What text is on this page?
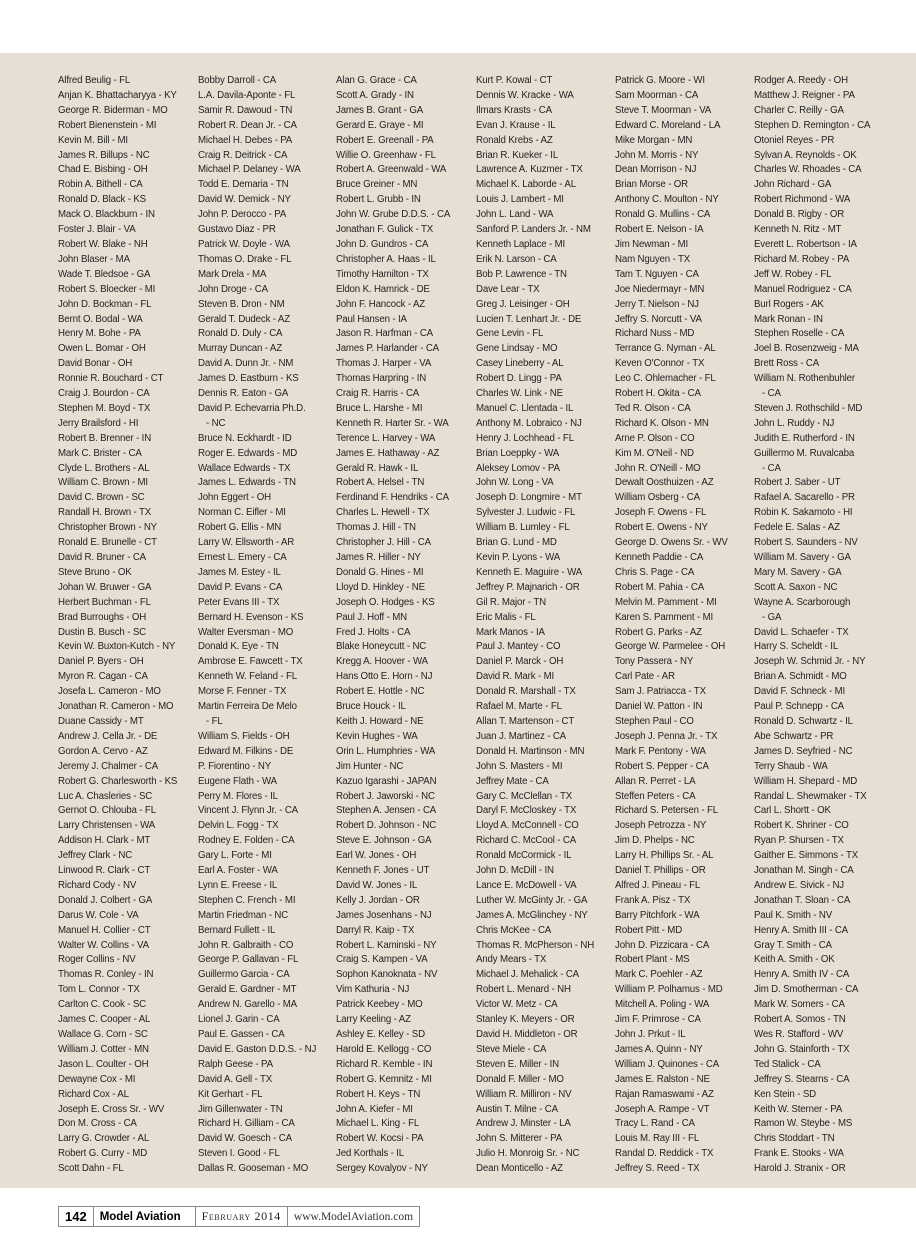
Alfred Beulig - FL
Anjan K. Bhattacharyya - KY
George R. Biderman - MO
Robert Bienenstein - MI
Kevin M. Bill - MI
James R. Billups - NC
Chad E. Bisbing - OH
Robin A. Bithell - CA
Ronald D. Black - KS
Mack O. Blackburn - IN
Foster J. Blair - VA
Robert W. Blake - NH
John Blaser - MA
Wade T. Bledsoe - GA
Robert S. Bloecker - MI
John D. Bockman - FL
Bernt O. Bodal - WA
Henry M. Bohe - PA
Owen L. Bomar - OH
David Bonar - OH
Ronnie R. Bouchard - CT
Craig J. Bourdon - CA
Stephen M. Boyd - TX
Jerry Brailsford - HI
Robert B. Brenner - IN
Mark C. Brister - CA
Clyde L. Brothers - AL
William C. Brown - MI
David C. Brown - SC
Randall H. Brown - TX
Christopher Brown - NY
Ronald E. Brunelle - CT
David R. Bruner - CA
Steve Bruno - OK
Johan W. Bruwer - GA
Herbert Buchman - FL
Brad Burroughs - OH
Dustin B. Busch - SC
Kevin W. Buxton-Kutch - NY
Daniel P. Byers - OH
Myron R. Cagan - CA
Josefa L. Cameron - MO
Jonathan R. Cameron - MO
Duane Cassidy - MT
Andrew J. Cella Jr. - DE
Gordon A. Cervo - AZ
Jeremy J. Chalmer - CA
Robert G. Charlesworth - KS
Luc A. Chasleries - SC
Gernot O. Chlouba - FL
Larry Christensen - WA
Addison H. Clark - MT
Jeffrey Clark - NC
Linwood R. Clark - CT
Richard Cody - NV
Donald J. Colbert - GA
Darus W. Cole - VA
Manuel H. Collier - CT
Walter W. Collins - VA
Roger Collins - NV
Thomas R. Conley - IN
Tom L. Connor - TX
Carlton C. Cook - SC
James C. Cooper - AL
Wallace G. Corn - SC
William J. Cotter - MN
Jason L. Coulter - OH
Dewayne Cox - MI
Richard Cox - AL
Joseph E. Cross Sr. - WV
Don M. Cross - CA
Larry G. Crowder - AL
Robert G. Curry - MD
Scott Dahn - FL
Bobby Darroll - CA
L.A. Davila-Aponte - FL
Samir R. Dawoud - TN
Robert R. Dean Jr. - CA
Michael H. Debes - PA
Craig R. Deitrick - CA
Michael P. Delaney - WA
Todd E. Demaria - TN
David W. Demick - NY
John P. Derocco - PA
Gustavo Diaz - PR
Patrick W. Doyle - WA
Thomas O. Drake - FL
Mark Drela - MA
John Droge - CA
Steven B. Dron - NM
Gerald T. Dudeck - AZ
Ronald D. Duly - CA
Murray Duncan - AZ
David A. Dunn Jr. - NM
James D. Eastburn - KS
Dennis R. Eaton - GA
David P. Echevarria Ph.D.
- NC
Bruce N. Eckhardt - ID
Roger E. Edwards - MD
Wallace Edwards - TX
James L. Edwards - TN
John Eggert - OH
Norman C. Eifler - MI
Robert G. Ellis - MN
Larry W. Ellsworth - AR
Ernest L. Emery - CA
James M. Estey - IL
David P. Evans - CA
Peter Evans III - TX
Bernard H. Evenson - KS
Walter Eversman - MO
Donald K. Eye - TN
Ambrose E. Fawcett - TX
Kenneth W. Feland - FL
Morse F. Fenner - TX
Martin Ferreira De Melo
- FL
William S. Fields - OH
Edward M. Filkins - DE
P. Fiorentino - NY
Eugene Flath - WA
Perry M. Flores - IL
Vincent J. Flynn Jr. - CA
Delvin L. Fogg - TX
Rodney E. Folden - CA
Gary L. Forte - MI
Earl A. Foster - WA
Lynn E. Freese - IL
Stephen C. French - MI
Martin Friedman - NC
Bernard Fullett - IL
John R. Galbraith - CO
George P. Gallavan - FL
Guillermo Garcia - CA
Gerald E. Gardner - MT
Andrew N. Garello - MA
Lionel J. Garin - CA
Paul E. Gassen - CA
David E. Gaston D.D.S. - NJ
Ralph Geese - PA
David A. Gell - TX
Kit Gerhart - FL
Jim Gillenwater - TN
Richard H. Gilliam - CA
David W. Goesch - CA
Steven I. Good - FL
Dallas R. Gooseman - MO
Alan G. Grace - CA
Scott A. Grady - IN
James B. Grant - GA
Gerard E. Graye - MI
Robert E. Greenall - PA
Willie O. Greenhaw - FL
Robert A. Greenwald - WA
Bruce Greiner - MN
Robert L. Grubb - IN
John W. Grube D.D.S. - CA
Jonathan F. Gulick - TX
John D. Gundros - CA
Christopher A. Haas - IL
Timothy Hamilton - TX
Eldon K. Hamrick - DE
John F. Hancock - AZ
Paul Hansen - IA
Jason R. Harfman - CA
James P. Harlander - CA
Thomas J. Harper - VA
Thomas Harpring - IN
Craig R. Harris - CA
Bruce L. Harshe - MI
Kenneth R. Harter Sr. - WA
Terence L. Harvey - WA
James E. Hathaway - AZ
Gerald R. Hawk - IL
Robert A. Helsel - TN
Ferdinand F. Hendriks - CA
Charles L. Hewell - TX
Thomas J. Hill - TN
Christopher J. Hill - CA
James R. Hiller - NY
Donald G. Hines - MI
Lloyd D. Hinkley - NE
Joseph O. Hodges - KS
Paul J. Hoff - MN
Fred J. Holts - CA
Blake Honeycutt - NC
Kregg A. Hoover - WA
Hans Otto E. Horn - NJ
Robert E. Hottle - NC
Bruce Houck - IL
Keith J. Howard - NE
Kevin Hughes - WA
Orin L. Humphries - WA
Jim Hunter - NC
Kazuo Igarashi - JAPAN
Robert J. Jaworski - NC
Stephen A. Jensen - CA
Robert D. Johnson - NC
Steve E. Johnson - GA
Earl W. Jones - OH
Kenneth F. Jones - UT
David W. Jones - IL
Kelly J. Jordan - OR
James Josenhans - NJ
Darryl R. Kaip - TX
Robert L. Kaminski - NY
Craig S. Kampen - VA
Sophon Kanoknata - NV
Vim Kathuria - NJ
Patrick Keebey - MO
Larry Keeling - AZ
Ashley E. Kelley - SD
Harold E. Kellogg - CO
Richard R. Kemble - IN
Robert G. Kemnitz - MI
Robert H. Keys - TN
John A. Kiefer - MI
Michael L. King - FL
Robert W. Kocsi - PA
Jed Korthals - IL
Sergey Kovalyov - NY
Kurt P. Kowal - CT
Dennis W. Kracke - WA
Ilmars Krasts - CA
Evan J. Krause - IL
Ronald Krebs - AZ
Brian R. Kueker - IL
Lawrence A. Kuzmer - TX
Michael K. Laborde - AL
Louis J. Lambert - MI
John L. Land - WA
Sanford P. Landers Jr. - NM
Kenneth Laplace - MI
Erik N. Larson - CA
Bob P. Lawrence - TN
Dave Lear - TX
Greg J. Leisinger - OH
Lucien T. Lenhart Jr. - DE
Gene Levin - FL
Gene Lindsay - MO
Casey Lineberry - AL
Robert D. Lingg - PA
Charles W. Link - NE
Manuel C. Llentada - IL
Anthony M. Lobraico - NJ
Henry J. Lochhead - FL
Brian Loeppky - WA
Aleksey Lomov - PA
John W. Long - VA
Joseph D. Longmire - MT
Sylvester J. Ludwic - FL
William B. Lumley - FL
Brian G. Lund - MD
Kevin P. Lyons - WA
Kenneth E. Maguire - WA
Jeffrey P. Majnarich - OR
Gil R. Major - TN
Eric Malis - FL
Mark Manos - IA
Paul J. Mantey - CO
Daniel P. Marck - OH
David R. Mark - MI
Donald R. Marshall - TX
Rafael M. Marte - FL
Allan T. Martenson - CT
Juan J. Martinez - CA
Donald H. Martinson - MN
John S. Masters - MI
Jeffrey Mate - CA
Gary C. McClellan - TX
Daryl F. McCloskey - TX
Lloyd A. McConnell - CO
Richard C. McCool - CA
Ronald McCormick - IL
John D. McDill - IN
Lance E. McDowell - VA
Luther W. McGinty Jr. - GA
James A. McGlinchey - NY
Chris McKee - CA
Thomas R. McPherson - NH
Andy Mears - TX
Michael J. Mehalick - CA
Robert L. Menard - NH
Victor W. Metz - CA
Stanley K. Meyers - OR
David H. Middleton - OR
Steve Miele - CA
Steven E. Miller - IN
Donald F. Miller - MO
William R. Milliron - NV
Austin T. Milne - CA
Andrew J. Minster - LA
John S. Mitterer - PA
Julio H. Monroig Sr. - NC
Dean Monticello - AZ
Patrick G. Moore - WI
Sam Moorman - CA
Steve T. Moorman - VA
Edward C. Moreland - LA
Mike Morgan - MN
John M. Morris - NY
Dean Morrison - NJ
Brian Morse - OR
Anthony C. Moulton - NY
Ronald G. Mullins - CA
Robert E. Nelson - IA
Jim Newman - MI
Nam Nguyen - TX
Tam T. Nguyen - CA
Joe Niedermayr - MN
Jerry T. Nielson - NJ
Jeffry S. Norcutt - VA
Richard Nuss - MD
Terrance G. Nyman - AL
Keven O'Connor - TX
Leo C. Ohlemacher - FL
Robert H. Okita - CA
Ted R. Olson - CA
Richard K. Olson - MN
Arne P. Olson - CO
Kim M. O'Neil - ND
John R. O'Neill - MO
Dewalt Oosthuizen - AZ
William Osberg - CA
Joseph F. Owens - FL
Robert E. Owens - NY
George D. Owens Sr. - WV
Kenneth Paddie - CA
Chris S. Page - CA
Robert M. Pahia - CA
Melvin M. Pamment - MI
Karen S. Pamment - MI
Robert G. Parks - AZ
George W. Parmelee - OH
Tony Passera - NY
Carl Pate - AR
Sam J. Patriacca - TX
Daniel W. Patton - IN
Stephen Paul - CO
Joseph J. Penna Jr. - TX
Mark F. Pentony - WA
Robert S. Pepper - CA
Allan R. Perret - LA
Steffen Peters - CA
Richard S. Petersen - FL
Joseph Petrozza - NY
Jim D. Phelps - NC
Larry H. Phillips Sr. - AL
Daniel T. Phillips - OR
Alfred J. Pineau - FL
Frank A. Pisz - TX
Barry Pitchfork - WA
Robert Pitt - MD
John D. Pizzicara - CA
Robert Plant - MS
Mark C. Poehler - AZ
William P. Polhamus - MD
Mitchell A. Poling - WA
Jim F. Primrose - CA
John J. Prkut - IL
James A. Quinn - NY
William J. Quinones - CA
James E. Ralston - NE
Rajan Ramaswami - AZ
Joseph A. Rampe - VT
Tracy L. Rand - CA
Louis M. Ray III - FL
Randal D. Reddick - TX
Jeffrey S. Reed - TX
Rodger A. Reedy - OH
Matthew J. Reigner - PA
Charler C. Reilly - GA
Stephen D. Remington - CA
Otoniel Reyes - PR
Sylvan A. Reynolds - OK
Charles W. Rhoades - CA
John Richard - GA
Robert Richmond - WA
Donald B. Rigby - OR
Kenneth N. Ritz - MT
Everett L. Robertson - IA
Richard M. Robey - PA
Jeff W. Robey - FL
Manuel Rodriguez - CA
Burl Rogers - AK
Mark Ronan - IN
Stephen Roselle - CA
Joel B. Rosenzweig - MA
Brett Ross - CA
William N. Rothenbuhler
- CA
Steven J. Rothschild - MD
John L. Ruddy - NJ
Judith E. Rutherford - IN
Guillermo M. Ruvalcaba
- CA
Robert J. Saber - UT
Rafael A. Sacarello - PR
Robin K. Sakamoto - HI
Fedele E. Salas - AZ
Robert S. Saunders - NV
William M. Savery - GA
Mary M. Savery - GA
Scott A. Saxon - NC
Wayne A. Scarborough
- GA
David L. Schaefer - TX
Harry S. Scheldt - IL
Joseph W. Schmid Jr. - NY
Brian A. Schmidt - MO
David F. Schneck - MI
Paul P. Schnepp - CA
Ronald D. Schwartz - IL
Abe Schwartz - PR
James D. Seyfried - NC
Terry Shaub - WA
William H. Shepard - MD
Randal L. Shewmaker - TX
Carl L. Shortt - OK
Robert K. Shriner - CO
Ryan P. Shursen - TX
Gaither E. Simmons - TX
Jonathan M. Singh - CA
Andrew E. Sivick - NJ
Jonathan T. Sloan - CA
Paul K. Smith - NV
Henry A. Smith III - CA
Gray T. Smith - CA
Keith A. Smith - OK
Henry A. Smith IV - CA
Jim D. Smotherman - CA
Mark W. Somers - CA
Robert A. Somos - TN
Wes R. Stafford - WV
John G. Stainforth - TX
Ted Stalick - CA
Jeffrey S. Stearns - CA
Ken Stein - SD
Keith W. Sterner - PA
Ramon W. Steybe - MS
Chris Stoddart - TN
Frank E. Stooks - WA
Harold J. Stranix - OR
142	Model Aviation	February 2014	www.ModelAviation.com
